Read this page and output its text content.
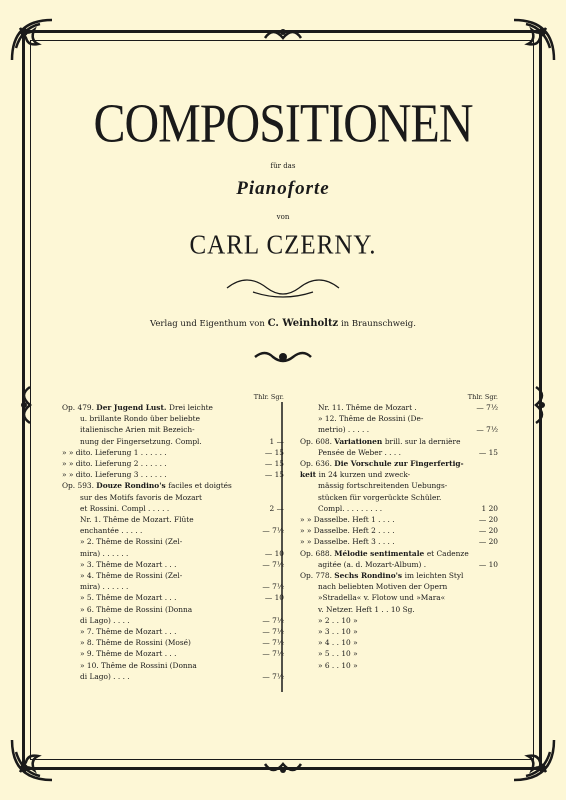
COMPOSITIONEN
für das
Pianoforte
von
CARL CZERNY.
Verlag und Eigenthum von C. Weinholtz in Braunschweig.
Thlr. Sgr.
Op. 479. Der Jugend Lust. Drei leichte
u. brillante Rondo über beliebte
italienische Arien mit Bezeich-
nung der Fingersetzung. Compl.	1 —
» » dito. Lieferung 1 . . . . . .	— 15
» » dito. Lieferung 2 . . . . . .	— 15
» » dito. Lieferung 3 . . . . . .	— 15
Op. 593. Douze Rondino's faciles et doigtés
sur des Motifs favoris de Mozart
et Rossini. Compl . . . . .	2 —
Nr. 1. Thême de Mozart. Flûte
enchantée . . . . .	— 7½
» 2. Thême de Rossini (Zel-
mira) . . . . . .	— 10
» 3. Thême de Mozart . . .	— 7½
» 4. Thême de Rossini (Zel-
mira) . . . . . .	— 7½
» 5. Thême de Mozart . . .	— 10
» 6. Thême de Rossini (Donna
di Lago) . . . .	— 7½
» 7. Thême de Mozart . . .	— 7½
» 8. Thême de Rossini (Mosé)	— 7½
» 9. Thême de Mozart . . .	— 7½
» 10. Thême de Rossini (Donna
di Lago) . . . .	— 7½
Thlr. Sgr.
Nr. 11. Thême de Mozart .	— 7½
» 12. Thême de Rossini (De-
metrio) . . . . .	— 7½
Op. 608. Variationen brill. sur la dernière
Pensée de Weber . . . .	— 15
Op. 636. Die Vorschule zur Fingerfertig-
keit in 24 kurzen und zweck-
mässig fortschreitenden Uebungs-
stücken für vorgerückte Schüler.
Compl. . . . . . . . .	1 20
» » Dasselbe. Heft 1 . . . .	— 20
» » Dasselbe. Heft 2 . . . .	— 20
» » Dasselbe. Heft 3 . . . .	— 20
Op. 688. Mélodie sentimentale et Cadenze
agitée (a. d. Mozart-Album) .	— 10
Op. 778. Sechs Rondino's im leichten Styl
nach beliebten Motiven der Opern
»Stradella« v. Flotow und »Mara«
v. Netzer. Heft 1 . . 10 Sg.
» 2 . . 10 »
» 3 . . 10 »
» 4 . . 10 »
» 5 . . 10 »
» 6 . . 10 »
